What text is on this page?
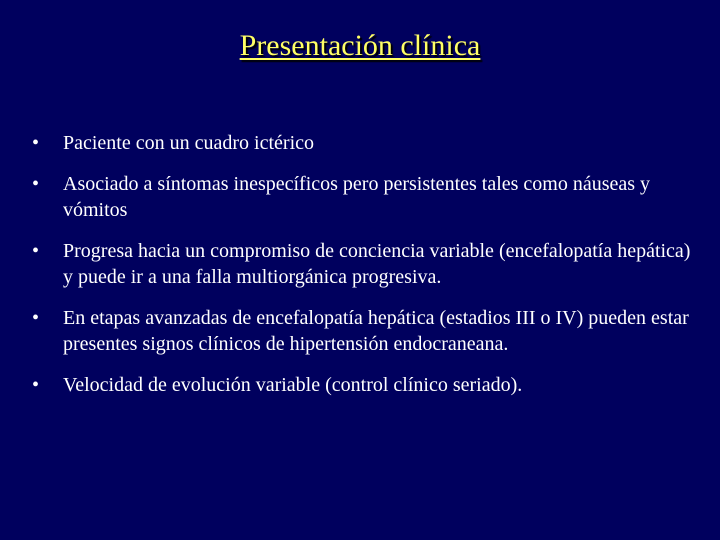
Presentación clínica
•	Paciente con un cuadro ictérico
•	Asociado a síntomas inespecíficos pero persistentes tales como náuseas y vómitos
•	Progresa hacia un compromiso de conciencia variable (encefalopatía hepática) y puede ir a una falla multiorgánica progresiva.
•	En etapas avanzadas de encefalopatía hepática (estadios III o IV) pueden estar presentes signos clínicos de hipertensión endocraneana.
•	Velocidad de evolución variable (control clínico seriado).
